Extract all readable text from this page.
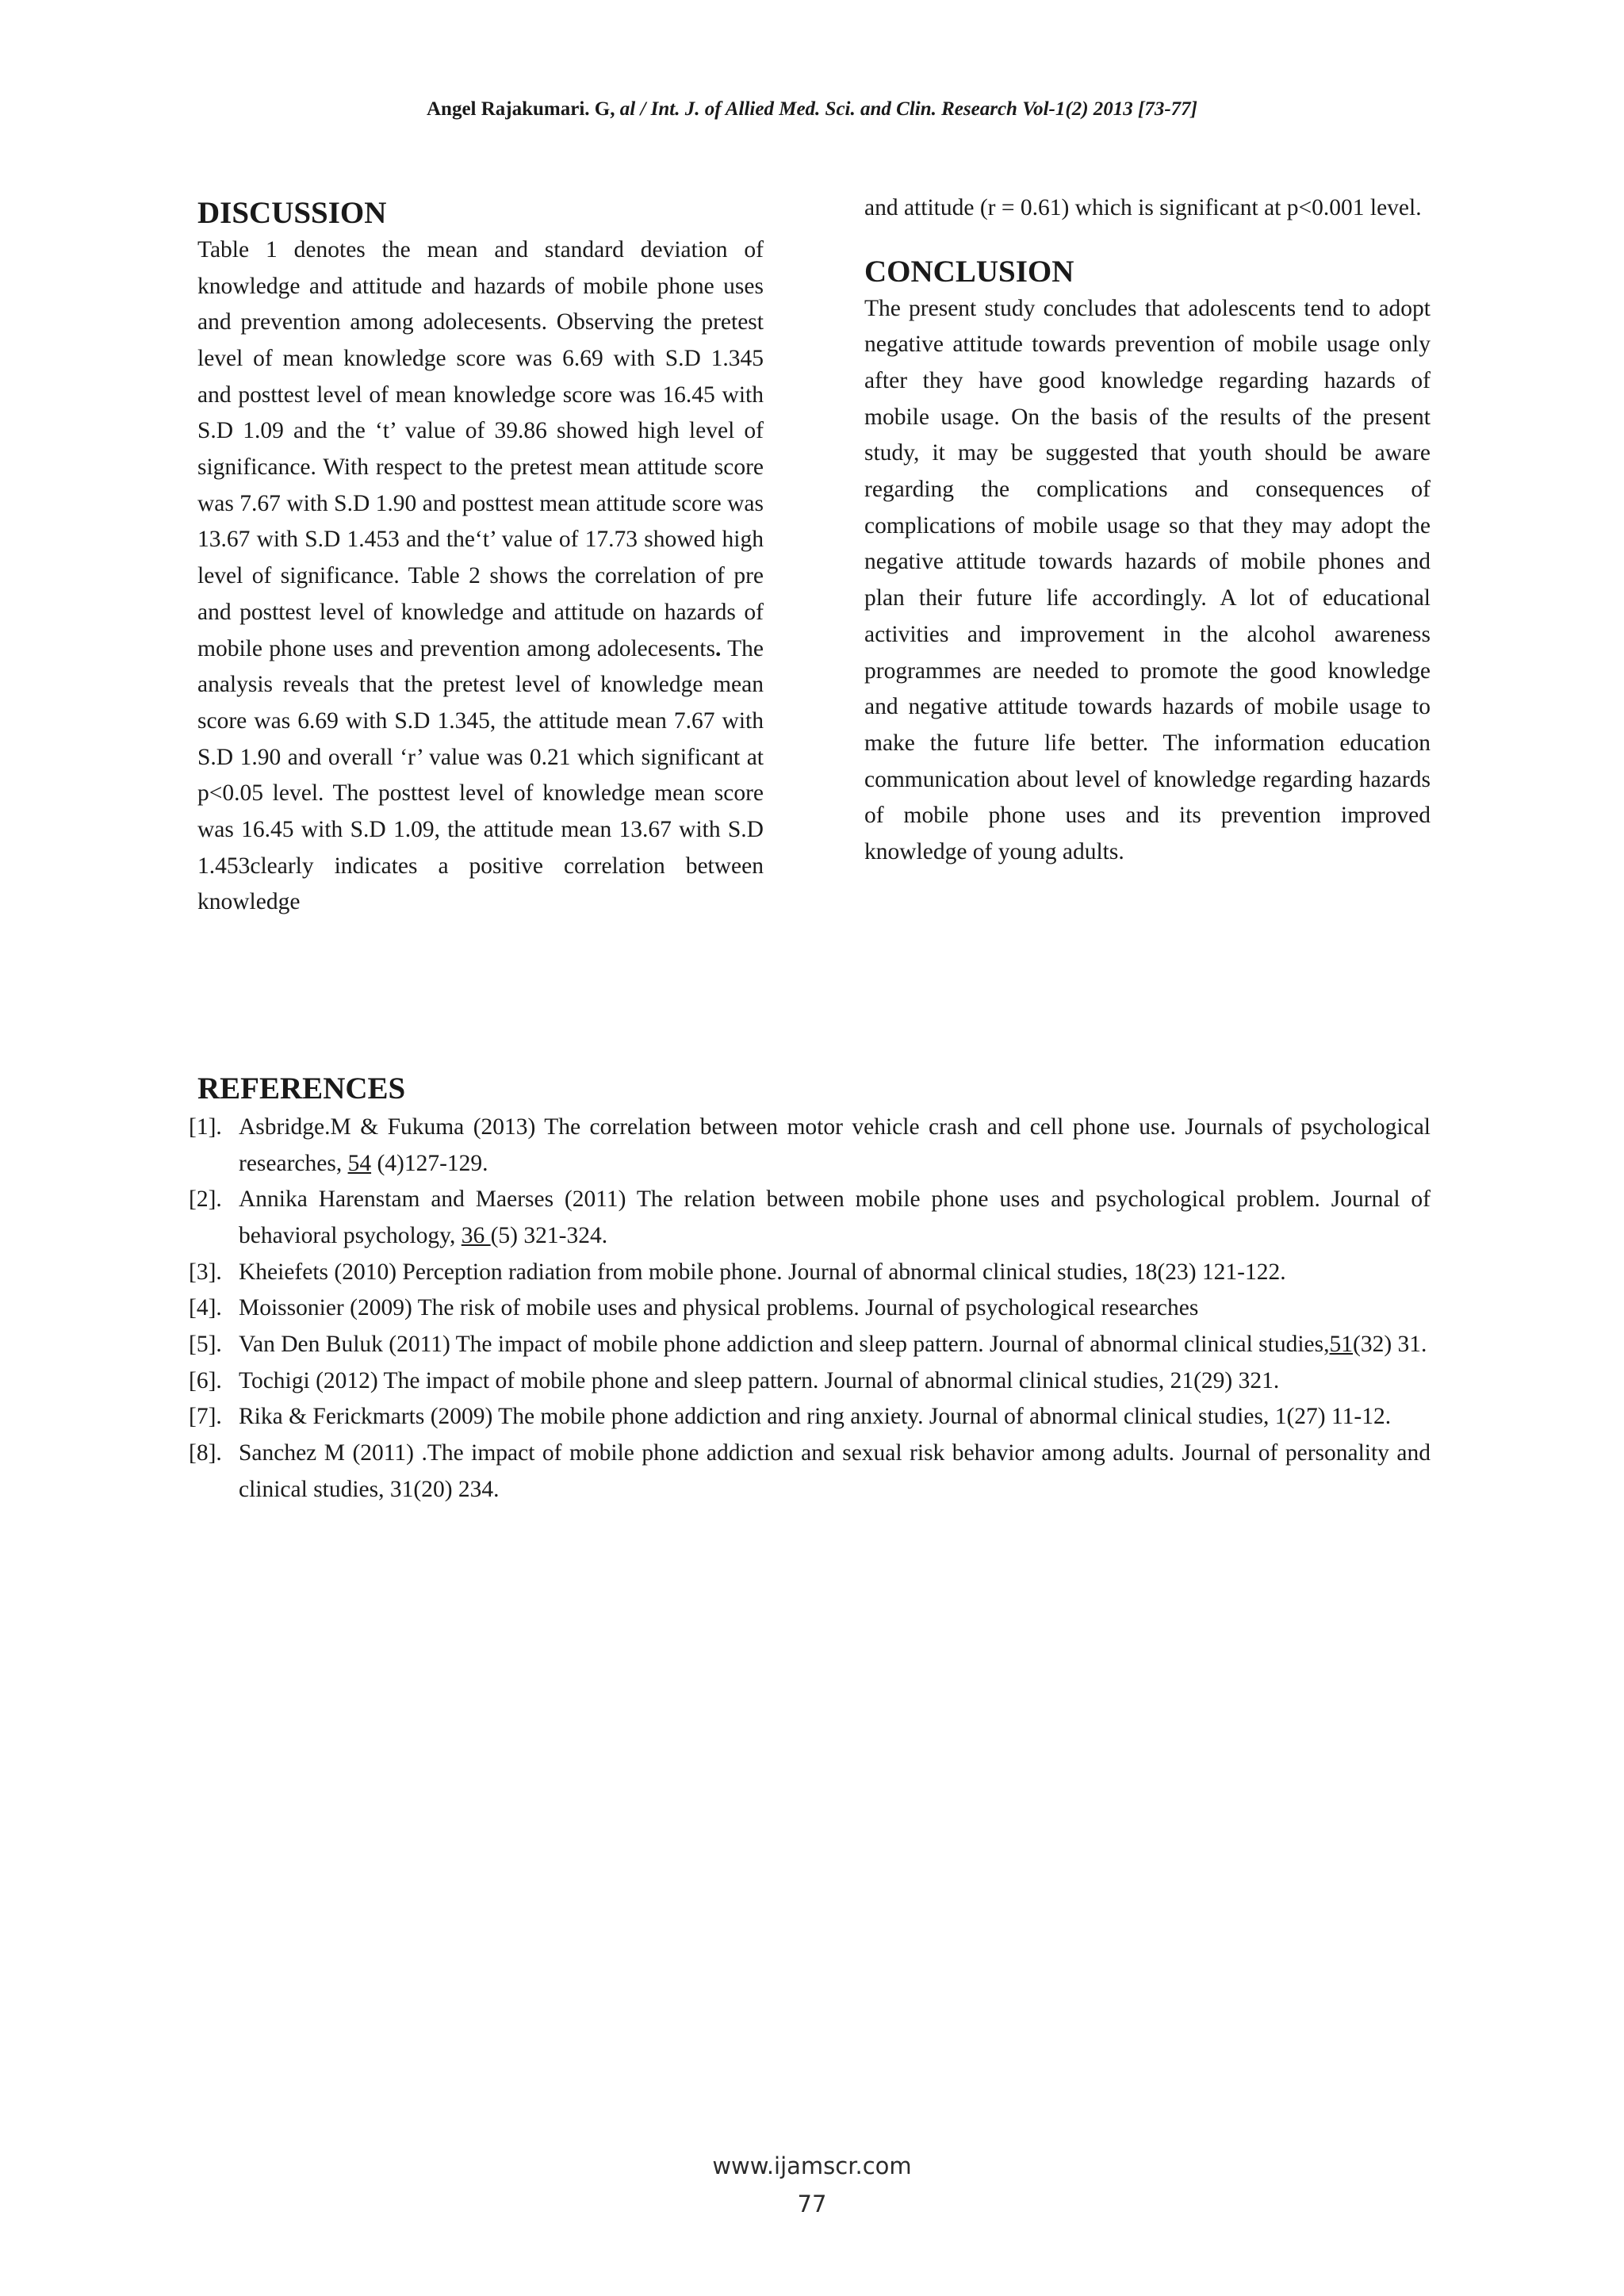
Angel Rajakumari. G, al / Int. J. of Allied Med. Sci. and Clin. Research Vol-1(2) 2013 [73-77]
DISCUSSION

Table 1 denotes the mean and standard deviation of knowledge and attitude and hazards of mobile phone uses and prevention among adolecesents. Observing the pretest level of mean knowledge score was 6.69 with S.D 1.345 and posttest level of mean knowledge score was 16.45 with S.D 1.09 and the ‘t’ value of 39.86 showed high level of significance. With respect to the pretest mean attitude score was 7.67 with S.D 1.90 and posttest mean attitude score was 13.67 with S.D 1.453 and the‘t’ value of 17.73 showed high level of significance. Table 2 shows the correlation of pre and posttest level of knowledge and attitude on hazards of mobile phone uses and prevention among adolecesents. The analysis reveals that the pretest level of knowledge mean score was 6.69 with S.D 1.345, the attitude mean 7.67 with S.D 1.90 and overall ‘r’ value was 0.21 which significant at p<0.05 level. The posttest level of knowledge mean score was 16.45 with S.D 1.09, the attitude mean 13.67 with S.D 1.453clearly indicates a positive correlation between knowledge

and attitude (r = 0.61) which is significant at p<0.001 level.

CONCLUSION

The present study concludes that adolescents tend to adopt negative attitude towards prevention of mobile usage only after they have good knowledge regarding hazards of mobile usage. On the basis of the results of the present study, it may be suggested that youth should be aware regarding the complications and consequences of complications of mobile usage so that they may adopt the negative attitude towards hazards of mobile phones and plan their future life accordingly. A lot of educational activities and improvement in the alcohol awareness programmes are needed to promote the good knowledge and negative attitude towards hazards of mobile usage to make the future life better. The information education communication about level of knowledge regarding hazards of mobile phone uses and its prevention improved knowledge of young adults.

REFERENCES
[1]. Asbridge.M & Fukuma (2013) The correlation between motor vehicle crash and cell phone use. Journals of psychological researches, 54 (4)127-129.
[2]. Annika Harenstam and Maerses (2011) The relation between mobile phone uses and psychological problem. Journal of behavioral psychology, 36 (5) 321-324.
[3]. Kheiefets (2010) Perception radiation from mobile phone. Journal of abnormal clinical studies, 18(23) 121-122.
[4]. Moissonier (2009) The risk of mobile uses and physical problems. Journal of psychological researches
[5]. Van Den Buluk (2011) The impact of mobile phone addiction and sleep pattern. Journal of abnormal clinical studies,51(32) 31.
[6]. Tochigi (2012) The impact of mobile phone and sleep pattern. Journal of abnormal clinical studies, 21(29) 321.
[7]. Rika & Ferickmarts (2009) The mobile phone addiction and ring anxiety. Journal of abnormal clinical studies, 1(27) 11-12.
[8]. Sanchez M (2011) .The impact of mobile phone addiction and sexual risk behavior among adults. Journal of personality and clinical studies, 31(20) 234.
www.ijamscr.com
77
